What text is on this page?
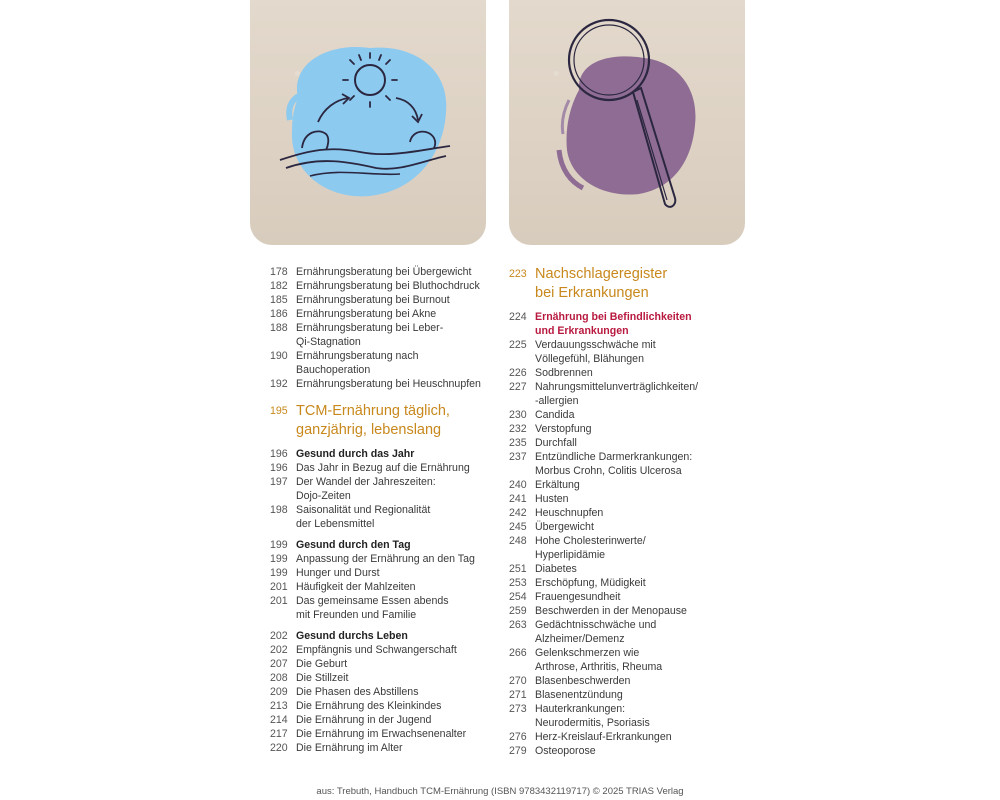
178 Ernährungsberatung bei Übergewicht
182 Ernährungsberatung bei Bluthochdruck
185 Ernährungsberatung bei Burnout
186 Ernährungsberatung bei Akne
188 Ernährungsberatung bei Leber-
Qi-Stagnation
190 Ernährungsberatung nach
Bauchoperation
192 Ernährungsberatung bei Heuschnupfen
195 TCM-Ernährung täglich,
ganzjährig, lebenslang
196 Gesund durch das Jahr
196 Das Jahr in Bezug auf die Ernährung
197 Der Wandel der Jahreszeiten:
Dojo-Zeiten
198 Saisonalität und Regionalität
der Lebensmittel
199 Gesund durch den Tag
199 Anpassung der Ernährung an den Tag
199 Hunger und Durst
201 Häufigkeit der Mahlzeiten
201 Das gemeinsame Essen abends
mit Freunden und Familie
202 Gesund durchs Leben
202 Empfängnis und Schwangerschaft
207 Die Geburt
208 Die Stillzeit
209 Die Phasen des Abstillens
213 Die Ernährung des Kleinkindes
214 Die Ernährung in der Jugend
217 Die Ernährung im Erwachsenenalter
220 Die Ernährung im Alter
223 Nachschlageregister
bei Erkrankungen
224 Ernährung bei Befindlichkeiten
und Erkrankungen
225 Verdauungsschwäche mit
Völlegefühl, Blähungen
226 Sodbrennen
227 Nahrungsmittelunverträglichkeiten/
-allergien
230 Candida
232 Verstopfung
235 Durchfall
237 Entzündliche Darmerkrankungen:
Morbus Crohn, Colitis Ulcerosa
240 Erkältung
241 Husten
242 Heuschnupfen
245 Übergewicht
248 Hohe Cholesterinwerte/
Hyperlipidämie
251 Diabetes
253 Erschöpfung, Müdigkeit
254 Frauengesundheit
259 Beschwerden in der Menopause
263 Gedächtnisschwäche und
Alzheimer/Demenz
266 Gelenkschmerzen wie
Arthrose, Arthritis, Rheuma
270 Blasenbeschwerden
271 Blasenentzündung
273 Hauterkrankungen:
Neurodermitis, Psoriasis
276 Herz-Kreislauf-Erkrankungen
279 Osteoporose
aus: Trebuth, Handbuch TCM-Ernährung (ISBN 9783432119717) © 2025 TRIAS Verlag
